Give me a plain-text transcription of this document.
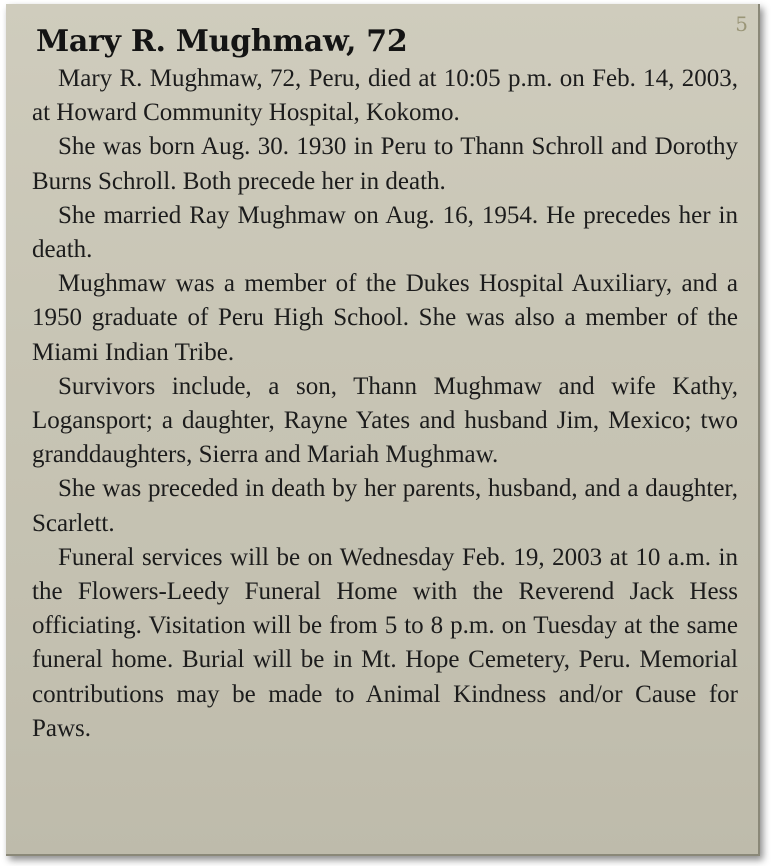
5
Mary R. Mughmaw, 72

Mary R. Mughmaw, 72, Peru, died at 10:05 p.m. on Feb. 14, 2003, at Howard Community Hospital, Kokomo.

She was born Aug. 30. 1930 in Peru to Thann Schroll and Dorothy Burns Schroll. Both precede her in death.

She married Ray Mughmaw on Aug. 16, 1954. He precedes her in death.

Mughmaw was a member of the Dukes Hospital Auxiliary, and a 1950 graduate of Peru High School. She was also a member of the Miami Indian Tribe.

Survivors include, a son, Thann Mughmaw and wife Kathy, Logansport; a daughter, Rayne Yates and husband Jim, Mexico; two granddaughters, Sierra and Mariah Mughmaw.

She was preceded in death by her parents, husband, and a daughter, Scarlett.

Funeral services will be on Wednesday Feb. 19, 2003 at 10 a.m. in the Flowers-Leedy Funeral Home with the Reverend Jack Hess officiating. Visitation will be from 5 to 8 p.m. on Tuesday at the same funeral home. Burial will be in Mt. Hope Cemetery, Peru. Memorial contributions may be made to Animal Kindness and/or Cause for Paws.
